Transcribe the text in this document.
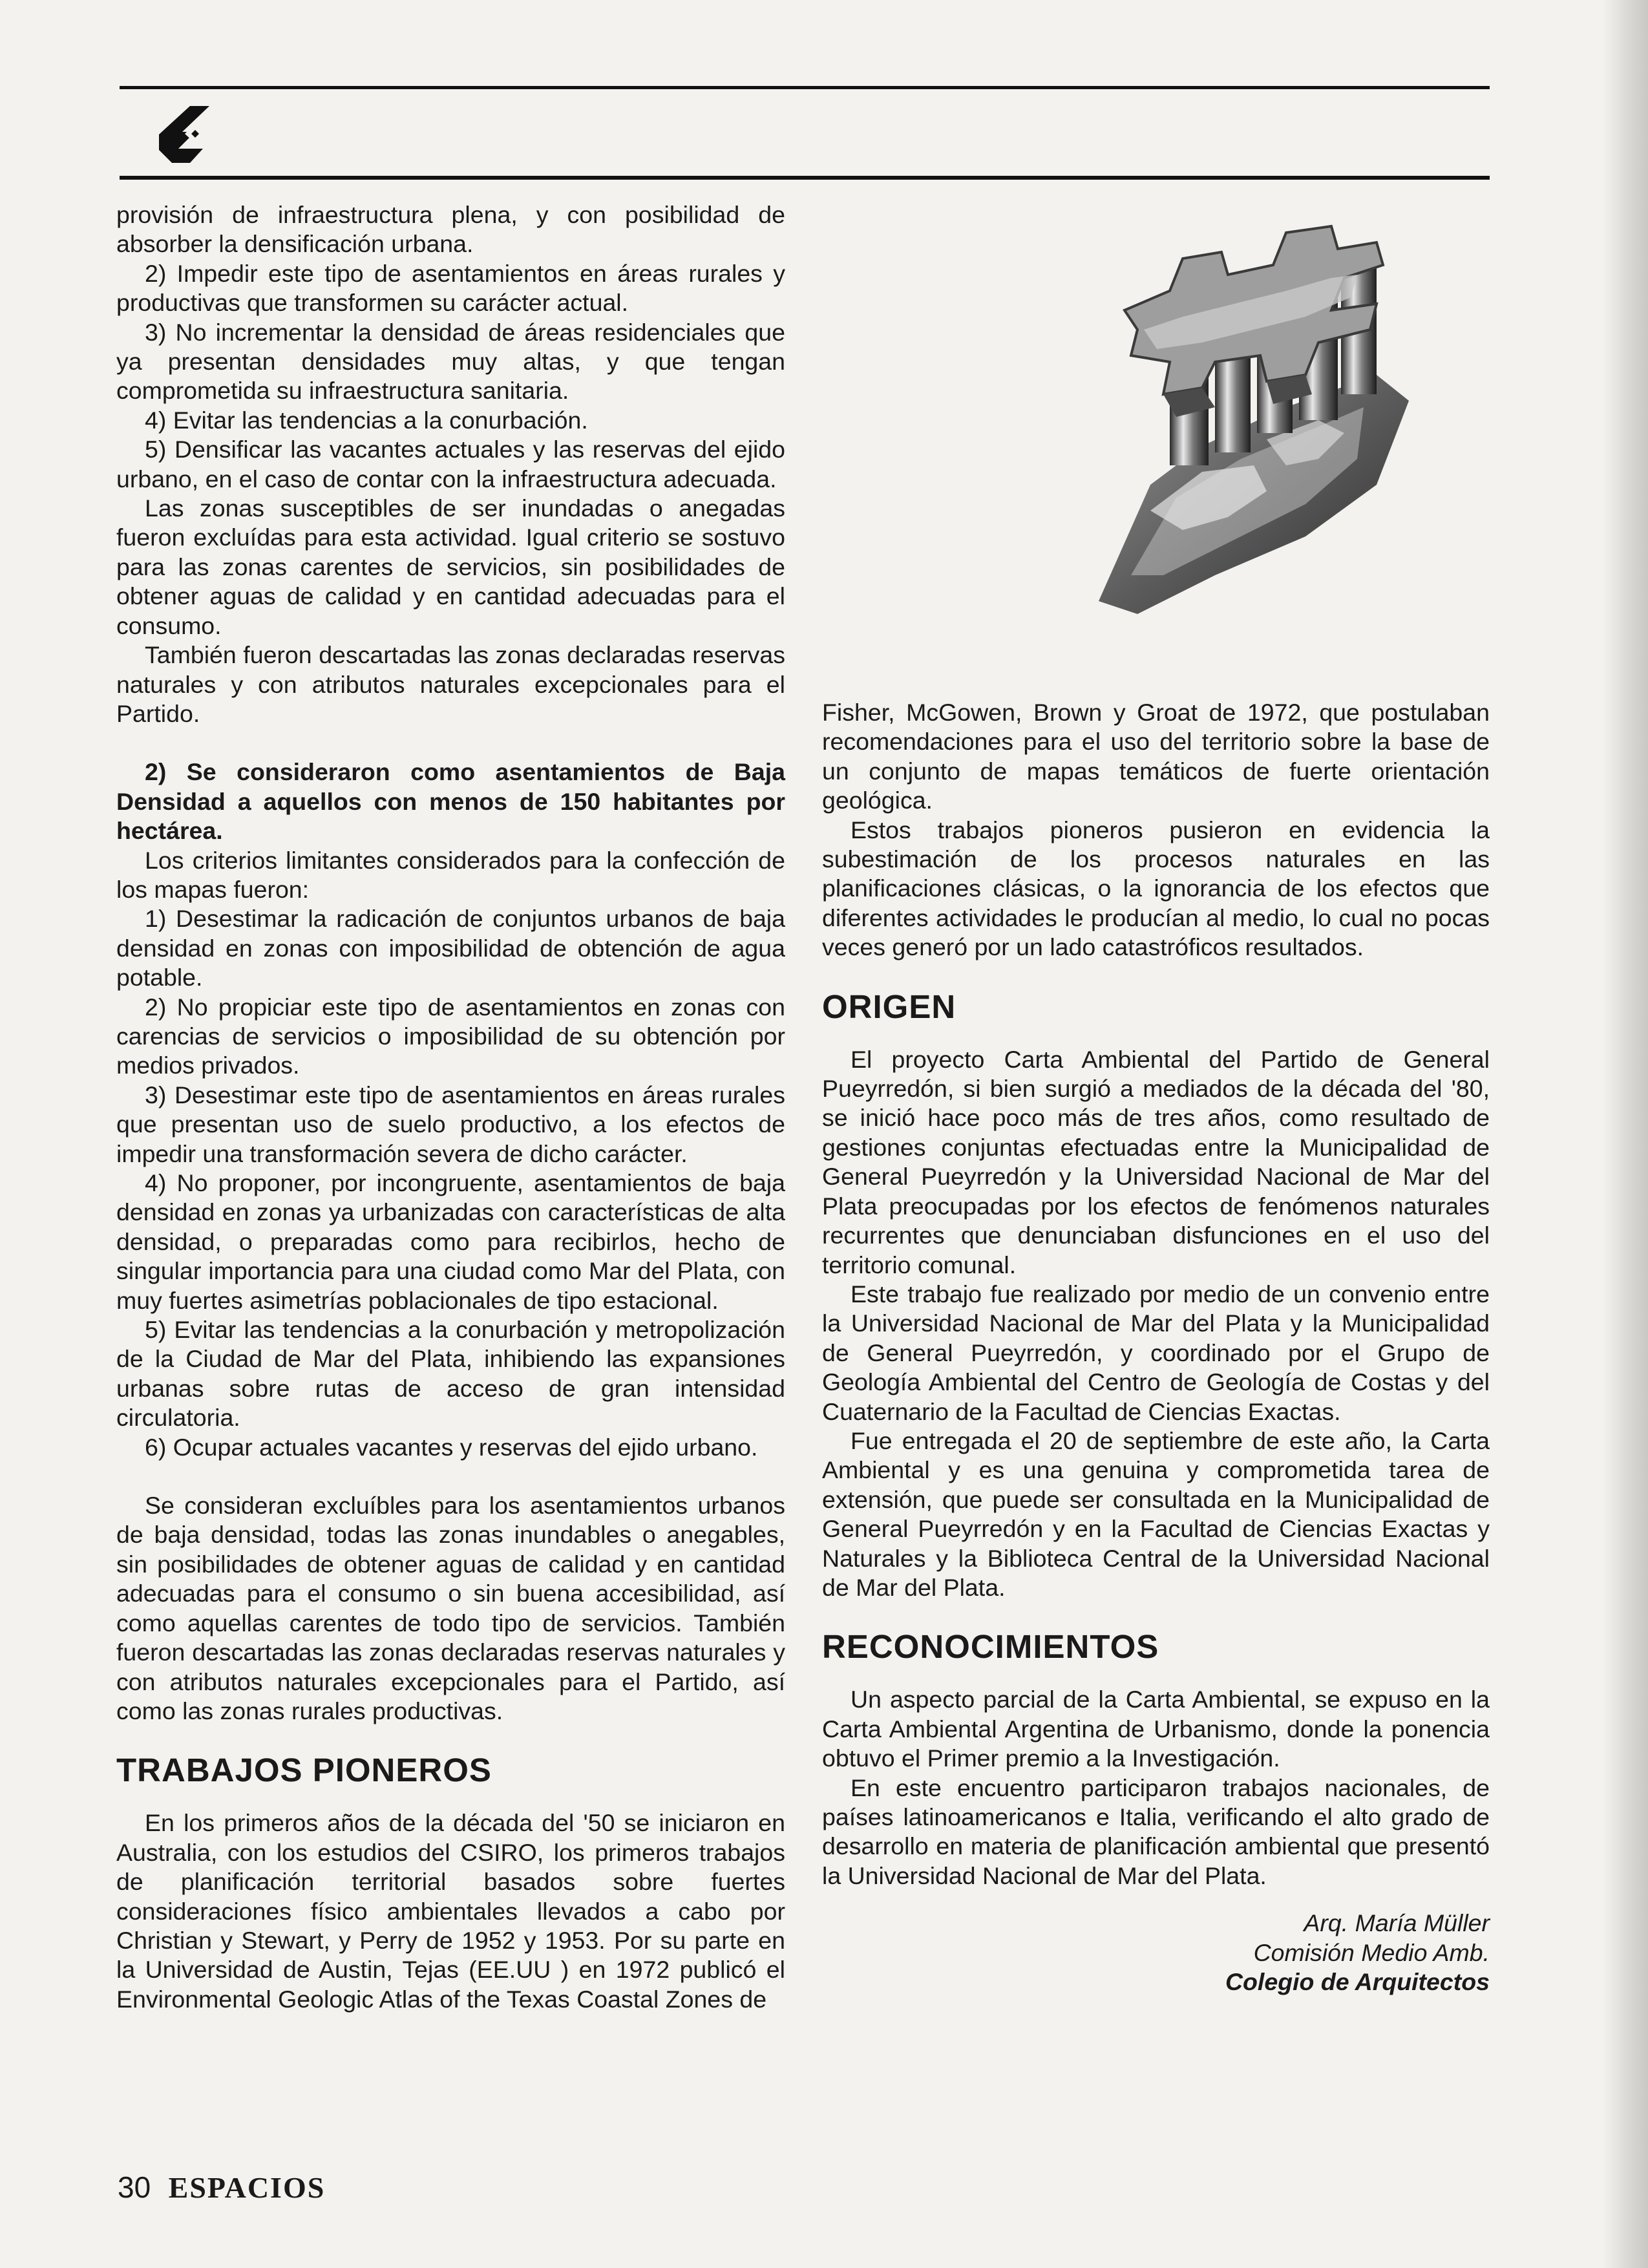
provisión de infraestructura plena, y con posibilidad de absorber la densificación urbana.

2) Impedir este tipo de asentamientos en áreas rurales y productivas que transformen su carácter actual.

3) No incrementar la densidad de áreas residenciales que ya presentan densidades muy altas, y que tengan comprometida su infraestructura sanitaria.

4) Evitar las tendencias a la conurbación.

5) Densificar las vacantes actuales y las reservas del ejido urbano, en el caso de contar con la infraestructura adecuada.

Las zonas susceptibles de ser inundadas o anegadas fueron excluídas para esta actividad. Igual criterio se sostuvo para las zonas carentes de servicios, sin posibilidades de obtener aguas de calidad y en cantidad adecuadas para el consumo.

También fueron descartadas las zonas declaradas reservas naturales y con atributos naturales excepcionales para el Partido.

2) Se consideraron como asentamientos de Baja Densidad a aquellos con menos de 150 habitantes por hectárea.

Los criterios limitantes considerados para la confección de los mapas fueron:

1) Desestimar la radicación de conjuntos urbanos de baja densidad en zonas con imposibilidad de obtención de agua potable.

2) No propiciar este tipo de asentamientos en zonas con carencias de servicios o imposibilidad de su obtención por medios privados.

3) Desestimar este tipo de asentamientos en áreas rurales que presentan uso de suelo productivo, a los efectos de impedir una transformación severa de dicho carácter.

4) No proponer, por incongruente, asentamientos de baja densidad en zonas ya urbanizadas con características de alta densidad, o preparadas como para recibirlos, hecho de singular importancia para una ciudad como Mar del Plata, con muy fuertes asimetrías poblacionales de tipo estacional.

5) Evitar las tendencias a la conurbación y metropolización de la Ciudad de Mar del Plata, inhibiendo las expansiones urbanas sobre rutas de acceso de gran intensidad circulatoria.

6) Ocupar actuales vacantes y reservas del ejido urbano.

Se consideran excluíbles para los asentamientos urbanos de baja densidad, todas las zonas inundables o anegables, sin posibilidades de obtener aguas de calidad y en cantidad adecuadas para el consumo o sin buena accesibilidad, así como aquellas carentes de todo tipo de servicios. También fueron descartadas las zonas declaradas reservas naturales y con atributos naturales excepcionales para el Partido, así como las zonas rurales productivas.

TRABAJOS PIONEROS

En los primeros años de la década del '50 se iniciaron en Australia, con los estudios del CSIRO, los primeros trabajos de planificación territorial basados sobre fuertes consideraciones físico ambientales llevados a cabo por Christian y Stewart, y Perry de 1952 y 1953. Por su parte en la Universidad de Austin, Tejas (EE.UU ) en 1972 publicó el Environmental Geologic Atlas of the Texas Coastal Zones de

Fisher, McGowen, Brown y Groat de 1972, que postulaban recomendaciones para el uso del territorio sobre la base de un conjunto de mapas temáticos de fuerte orientación geológica.

Estos trabajos pioneros pusieron en evidencia la subestimación de los procesos naturales en las planificaciones clásicas, o la ignorancia de los efectos que diferentes actividades le producían al medio, lo cual no pocas veces generó por un lado catastróficos resultados.

ORIGEN

El proyecto Carta Ambiental del Partido de General Pueyrredón, si bien surgió a mediados de la década del '80, se inició hace poco más de tres años, como resultado de gestiones conjuntas efectuadas entre la Municipalidad de General Pueyrredón y la Universidad Nacional de Mar del Plata preocupadas por los efectos de fenómenos naturales recurrentes que denunciaban disfunciones en el uso del territorio comunal.

Este trabajo fue realizado por medio de un convenio entre la Universidad Nacional de Mar del Plata y la Municipalidad de General Pueyrredón, y coordinado por el Grupo de Geología Ambiental del Centro de Geología de Costas y del Cuaternario de la Facultad de Ciencias Exactas.

Fue entregada el 20 de septiembre de este año, la Carta Ambiental y es una genuina y comprometida tarea de extensión, que puede ser consultada en la Municipalidad de General Pueyrredón y en la Facultad de Ciencias Exactas y Naturales y la Biblioteca Central de la Universidad Nacional de Mar del Plata.

RECONOCIMIENTOS

Un aspecto parcial de la Carta Ambiental, se expuso en la Carta Ambiental Argentina de Urbanismo, donde la ponencia obtuvo el Primer premio a la Investigación.

En este encuentro participaron trabajos nacionales, de países latinoamericanos e Italia, verificando el alto grado de desarrollo en materia de planificación ambiental que presentó la Universidad Nacional de Mar del Plata.

Arq. María Müller
Comisión Medio Amb.
Colegio de Arquitectos
30 ESPACIOS
